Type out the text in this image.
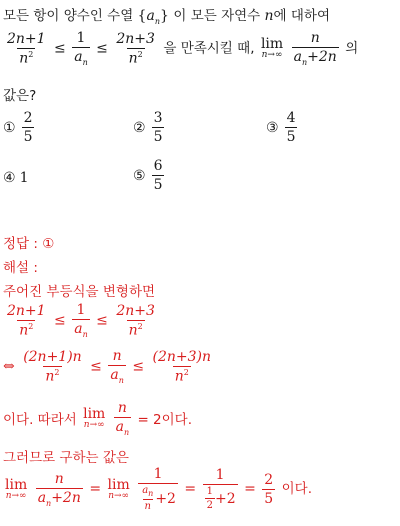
모든 항이 양수인 수열 $\{a_n\}$ 이 모든 자연수 n에 대하여
$\frac{2n+1}{n^2} \le \frac{1}{a_n} \le \frac{2n+3}{n^2}$ 을 만족시킬 때, lim
n→∞
$\frac{n}{a_n+2n}$ 의
값은?
① $\frac{2}{5}$	② $\frac{3}{5}$	③ $\frac{4}{5}$
④ 1	⑤ $\frac{6}{5}$
정답 : ①
해설 :
주어진 부등식을 변형하면
$\frac{2n+1}{n^2} \le \frac{1}{a_n} \le \frac{2n+3}{n^2}$
⇔ $\frac{(2n+1)n}{n^2} \le \frac{n}{a_n} \le \frac{(2n+3)n}{n^2}$
이다. 따라서 lim
n→∞
$\frac{n}{a_n} = 2$이다.
그러므로 구하는 값은
lim
n→∞
$\frac{n}{a_n+2n} = \lim$
n→∞
$\frac{1}{\frac{a_n}{n} +2} = \frac{1}{\frac{1}{2} +2} = \frac{2}{5}$ 이다.
